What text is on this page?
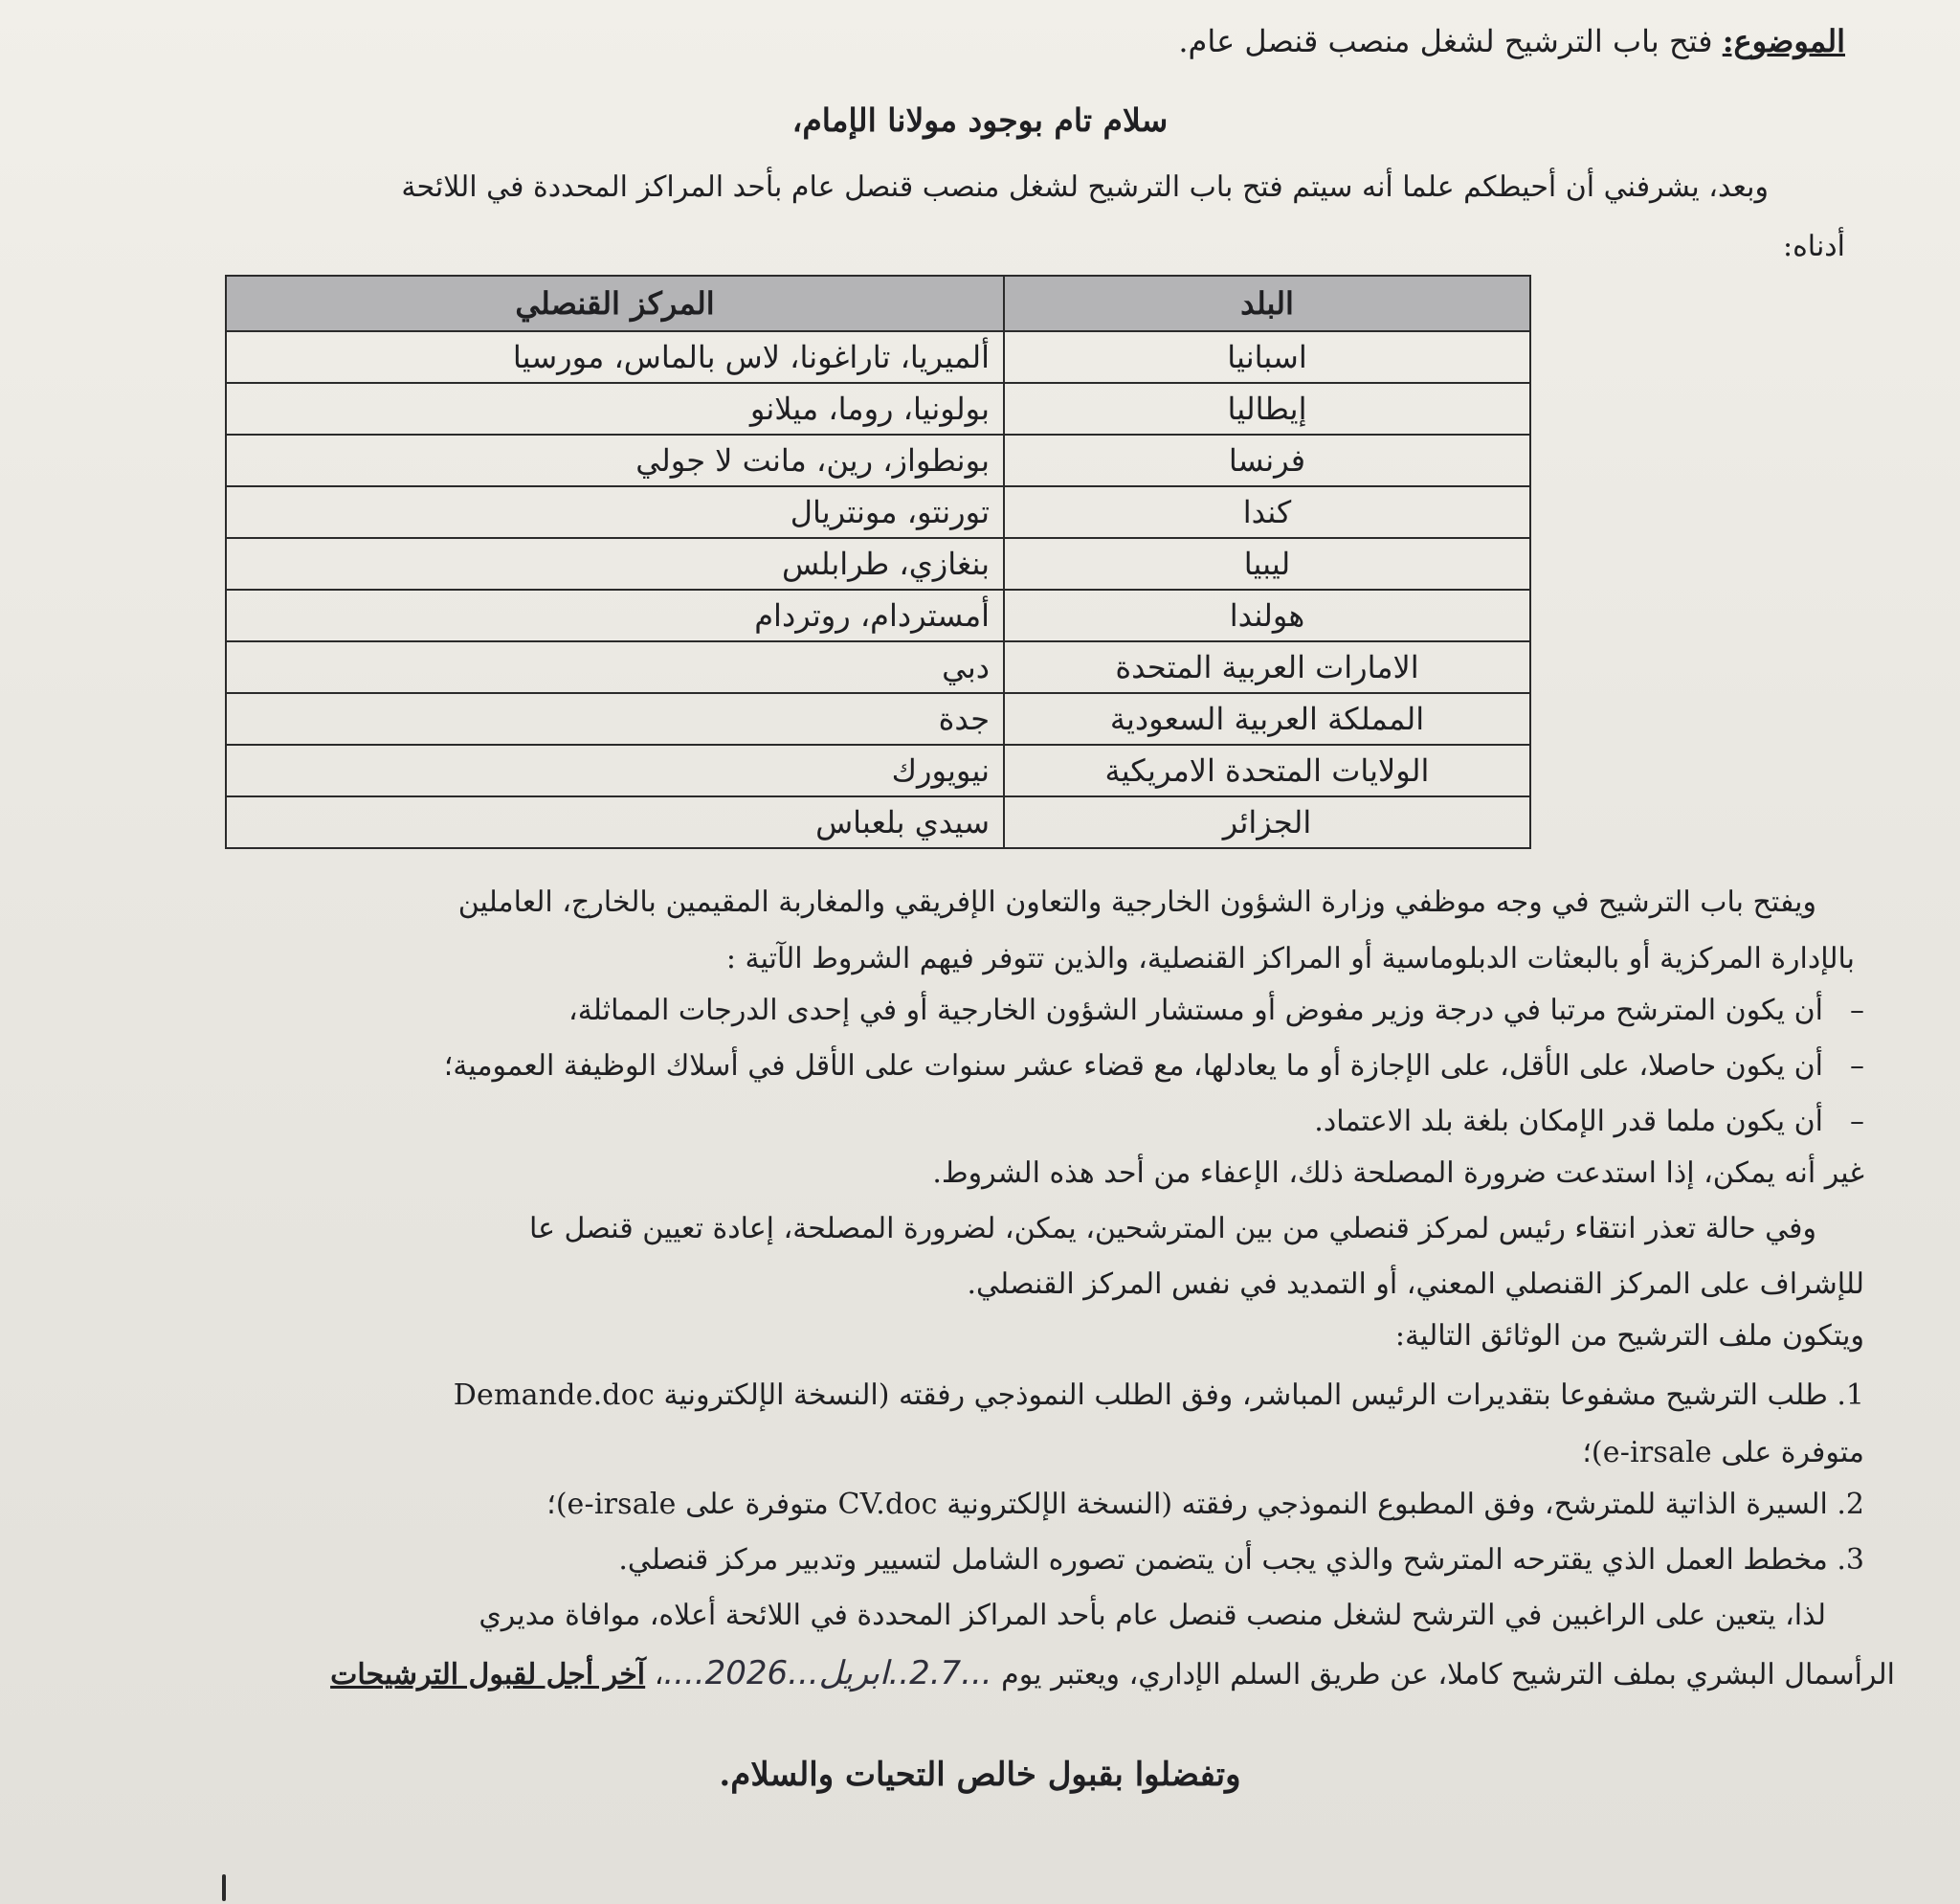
الموضوع: فتح باب الترشيح لشغل منصب قنصل عام.
سلام تام بوجود مولانا الإمام،
وبعد، يشرفني أن أحيطكم علما أنه سيتم فتح باب الترشيح لشغل منصب قنصل عام بأحد المراكز المحددة في اللائحة
أدناه:
البلد	المركز القنصلي
اسبانيا	ألميريا، تاراغونا، لاس بالماس، مورسيا
إيطاليا	بولونيا، روما، ميلانو
فرنسا	بونطواز، رين، مانت لا جولي
كندا	تورنتو، مونتريال
ليبيا	بنغازي، طرابلس
هولندا	أمستردام، روتردام
الامارات العربية المتحدة	دبي
المملكة العربية السعودية	جدة
الولايات المتحدة الامريكية	نيويورك
الجزائر	سيدي بلعباس
ويفتح باب الترشيح في وجه موظفي وزارة الشؤون الخارجية والتعاون الإفريقي والمغاربة المقيمين بالخارج، العاملين
بالإدارة المركزية أو بالبعثات الدبلوماسية أو المراكز القنصلية، والذين تتوفر فيهم الشروط الآتية :
–أن يكون المترشح مرتبا في درجة وزير مفوض أو مستشار الشؤون الخارجية أو في إحدى الدرجات المماثلة،
–أن يكون حاصلا، على الأقل، على الإجازة أو ما يعادلها، مع قضاء عشر سنوات على الأقل في أسلاك الوظيفة العمومية؛
–أن يكون ملما قدر الإمكان بلغة بلد الاعتماد.
غير أنه يمكن، إذا استدعت ضرورة المصلحة ذلك، الإعفاء من أحد هذه الشروط.
وفي حالة تعذر انتقاء رئيس لمركز قنصلي من بين المترشحين، يمكن، لضرورة المصلحة، إعادة تعيين قنصل عا
للإشراف على المركز القنصلي المعني، أو التمديد في نفس المركز القنصلي.
ويتكون ملف الترشيح من الوثائق التالية:
1. طلب الترشيح مشفوعا بتقديرات الرئيس المباشر، وفق الطلب النموذجي رفقته (النسخة الإلكترونية Demande.doc
متوفرة على e-irsale)؛
2. السيرة الذاتية للمترشح، وفق المطبوع النموذجي رفقته (النسخة الإلكترونية CV.doc متوفرة على e-irsale)؛
3. مخطط العمل الذي يقترحه المترشح والذي يجب أن يتضمن تصوره الشامل لتسيير وتدبير مركز قنصلي.
لذا، يتعين على الراغبين في الترشح لشغل منصب قنصل عام بأحد المراكز المحددة في اللائحة أعلاه، موافاة مديري
الرأسمال البشري بملف الترشيح كاملا، عن طريق السلم الإداري، ويعتبر يوم ...2.7..ابريل...2026....، آخر أجل لقبول الترشيحات
وتفضلوا بقبول خالص التحيات والسلام.
